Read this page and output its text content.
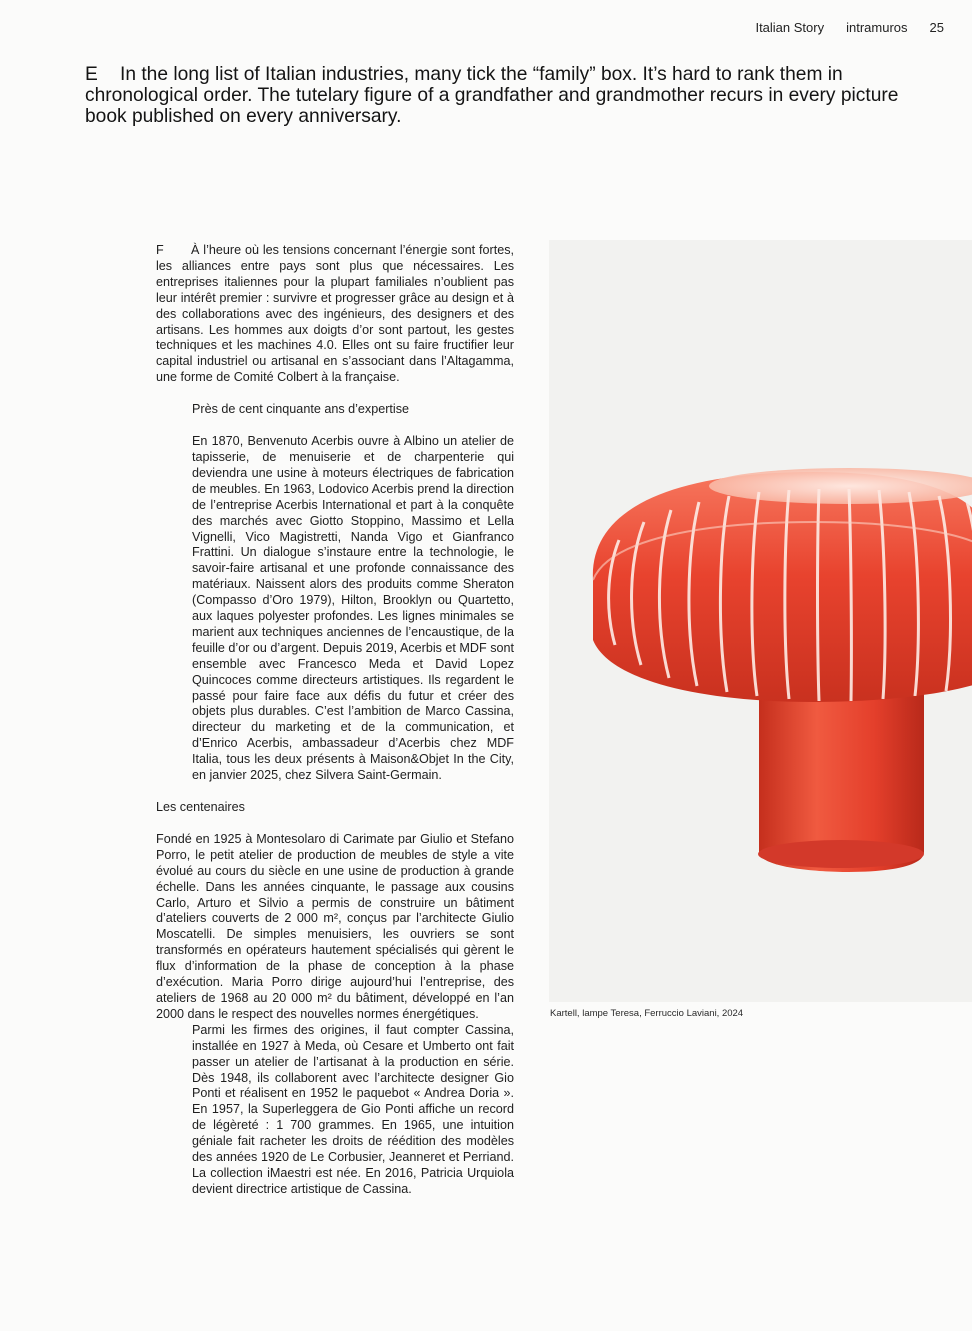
Italian Story intramuros 25
E In the long list of Italian industries, many tick the “family” box. It’s hard to rank them in chronological order. The tutelary figure of a grandfather and grandmother recurs in every picture book published on every anniversary.

F À l’heure où les tensions concernant l’énergie sont fortes, les alliances entre pays sont plus que nécessaires. Les entreprises italiennes pour la plupart familiales n’oublient pas leur intérêt premier : survivre et progresser grâce au design et à des collaborations avec des ingénieurs, des designers et des artisans. Les hommes aux doigts d’or sont partout, les gestes techniques et les machines 4.0. Elles ont su faire fructifier leur capital industriel ou artisanal en s’associant dans l’Altagamma, une forme de Comité Colbert à la française.

Près de cent cinquante ans d’expertise

En 1870, Benvenuto Acerbis ouvre à Albino un atelier de tapisserie, de menuiserie et de charpenterie qui deviendra une usine à moteurs électriques de fabrication de meubles. En 1963, Lodovico Acerbis prend la direction de l’entreprise Acerbis International et part à la conquête des marchés avec Giotto Stoppino, Massimo et Lella Vignelli, Vico Magistretti, Nanda Vigo et Gianfranco Frattini. Un dialogue s’instaure entre la technologie, le savoir-faire artisanal et une profonde connaissance des matériaux. Naissent alors des produits comme Sheraton (Compasso d’Oro 1979), Hilton, Brooklyn ou Quartetto, aux laques polyester profondes. Les lignes minimales se marient aux techniques anciennes de l’encaustique, de la feuille d’or ou d’argent. Depuis 2019, Acerbis et MDF sont ensemble avec Francesco Meda et David Lopez Quincoces comme directeurs artistiques. Ils regardent le passé pour faire face aux défis du futur et créer des objets plus durables. C’est l’ambition de Marco Cassina, directeur du marketing et de la communication, et d’Enrico Acerbis, ambassadeur d’Acerbis chez MDF Italia, tous les deux présents à Maison&Objet In the City, en janvier 2025, chez Silvera Saint-Germain.

Les centenaires

Fondé en 1925 à Montesolaro di Carimate par Giulio et Stefano Porro, le petit atelier de production de meubles de style a vite évolué au cours du siècle en une usine de production à grande échelle. Dans les années cinquante, le passage aux cousins Carlo, Arturo et Silvio a permis de construire un bâtiment d’ateliers couverts de 2 000 m², conçus par l’architecte Giulio Moscatelli. De simples menuisiers, les ouvriers se sont transformés en opérateurs hautement spécialisés qui gèrent le flux d’information de la phase de conception à la phase d’exécution. Maria Porro dirige aujourd’hui l’entreprise, des ateliers de 1968 au 20 000 m² du bâtiment, développé en l’an 2000 dans le respect des nouvelles normes énergétiques.

Parmi les firmes des origines, il faut compter Cassina, installée en 1927 à Meda, où Cesare et Umberto ont fait passer un atelier de l’artisanat à la production en série. Dès 1948, ils collaborent avec l’architecte designer Gio Ponti et réalisent en 1952 le paquebot « Andrea Doria ». En 1957, la Superleggera de Gio Ponti affiche un record de légèreté : 1 700 grammes. En 1965, une intuition géniale fait racheter les droits de réédition des modèles des années 1920 de Le Corbusier, Jeanneret et Perriand. La collection iMaestri est née. En 2016, Patricia Urquiola devient directrice artistique de Cassina.

Kartell, lampe Teresa, Ferruccio Laviani, 2024
